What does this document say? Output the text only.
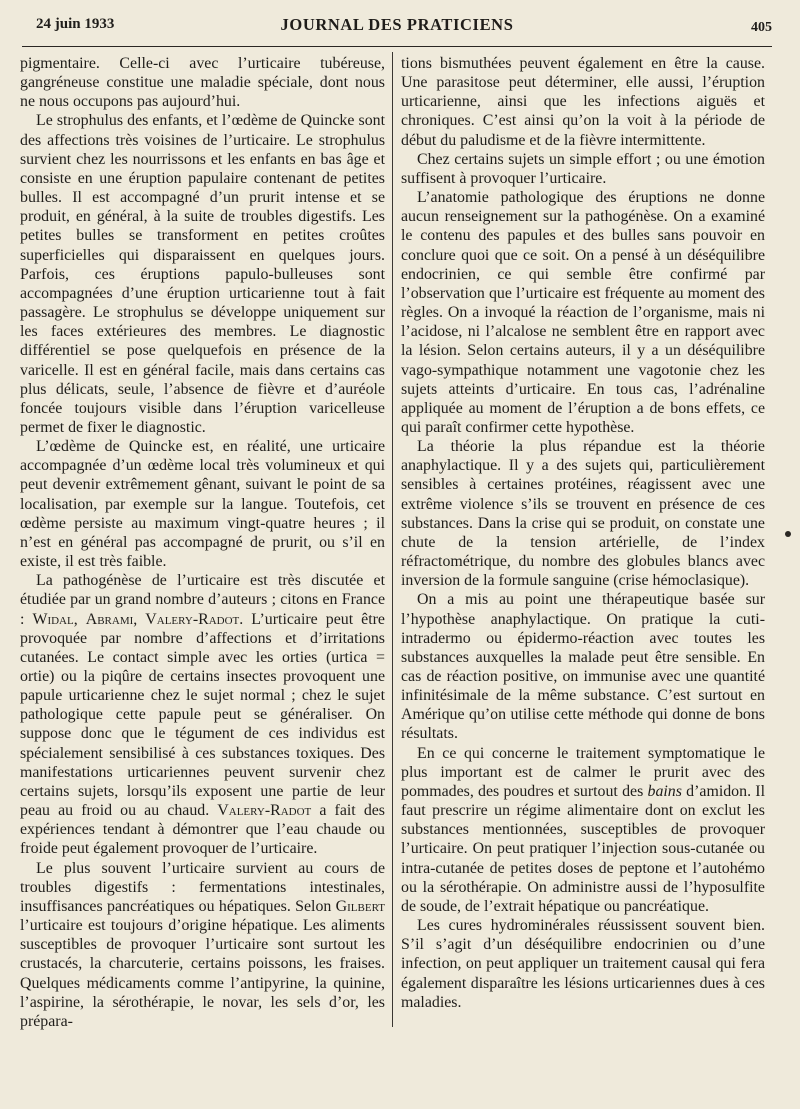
24 juin 1933	JOURNAL DES PRATICIENS	405

pigmentaire. Celle-ci avec l’urticaire tubéreuse, gangréneuse constitue une maladie spéciale, dont nous ne nous occupons pas aujourd’hui.

Le strophulus des enfants, et l’œdème de Quincke sont des affections très voisines de l’urticaire. Le strophulus survient chez les nourrissons et les enfants en bas âge et consiste en une éruption papulaire contenant de petites bulles. Il est accompagné d’un prurit intense et se produit, en général, à la suite de troubles digestifs. Les petites bulles se transforment en petites croûtes superficielles qui disparaissent en quelques jours. Parfois, ces éruptions papulo-bulleuses sont accompagnées d’une éruption urticarienne tout à fait passagère. Le strophulus se développe uniquement sur les faces extérieures des membres. Le diagnostic différentiel se pose quelquefois en présence de la varicelle. Il est en général facile, mais dans certains cas plus délicats, seule, l’absence de fièvre et d’auréole foncée toujours visible dans l’éruption varicelleuse permet de fixer le diagnostic.

L’œdème de Quincke est, en réalité, une urticaire accompagnée d’un œdème local très volumineux et qui peut devenir extrêmement gênant, suivant le point de sa localisation, par exemple sur la langue. Toutefois, cet œdème persiste au maximum vingt-quatre heures ; il n’est en général pas accompagné de prurit, ou s’il en existe, il est très faible.

La pathogénèse de l’urticaire est très discutée et étudiée par un grand nombre d’auteurs ; citons en France : Widal, Abrami, Valery-Radot. L’urticaire peut être provoquée par nombre d’affections et d’irritations cutanées. Le contact simple avec les orties (urtica = ortie) ou la piqûre de certains insectes provoquent une papule urticarienne chez le sujet normal ; chez le sujet pathologique cette papule peut se généraliser. On suppose donc que le tégument de ces individus est spécialement sensibilisé à ces substances toxiques. Des manifestations urticariennes peuvent survenir chez certains sujets, lorsqu’ils exposent une partie de leur peau au froid ou au chaud. Valery-Radot a fait des expériences tendant à démontrer que l’eau chaude ou froide peut également provoquer de l’urticaire.

Le plus souvent l’urticaire survient au cours de troubles digestifs : fermentations intestinales, insuffisances pancréatiques ou hépatiques. Selon Gilbert l’urticaire est toujours d’origine hépatique. Les aliments susceptibles de provoquer l’urticaire sont surtout les crustacés, la charcuterie, certains poissons, les fraises. Quelques médicaments comme l’antipyrine, la quinine, l’aspirine, la sérothérapie, le novar, les sels d’or, les prépara-

tions bismuthées peuvent également en être la cause. Une parasitose peut déterminer, elle aussi, l’éruption urticarienne, ainsi que les infections aiguës et chroniques. C’est ainsi qu’on la voit à la période de début du paludisme et de la fièvre intermittente.

Chez certains sujets un simple effort ; ou une émotion suffisent à provoquer l’urticaire.

L’anatomie pathologique des éruptions ne donne aucun renseignement sur la pathogénèse. On a examiné le contenu des papules et des bulles sans pouvoir en conclure quoi que ce soit. On a pensé à un déséquilibre endocrinien, ce qui semble être confirmé par l’observation que l’urticaire est fréquente au moment des règles. On a invoqué la réaction de l’organisme, mais ni l’acidose, ni l’alcalose ne semblent être en rapport avec la lésion. Selon certains auteurs, il y a un déséquilibre vago-sympathique notamment une vagotonie chez les sujets atteints d’urticaire. En tous cas, l’adrénaline appliquée au moment de l’éruption a de bons effets, ce qui paraît confirmer cette hypothèse.

La théorie la plus répandue est la théorie anaphylactique. Il y a des sujets qui, particulièrement sensibles à certaines protéines, réagissent avec une extrême violence s’ils se trouvent en présence de ces substances. Dans la crise qui se produit, on constate une chute de la tension artérielle, de l’index réfractométrique, du nombre des globules blancs avec inversion de la formule sanguine (crise hémoclasique).

On a mis au point une thérapeutique basée sur l’hypothèse anaphylactique. On pratique la cuti-intradermo ou épidermo-réaction avec toutes les substances auxquelles la malade peut être sensible. En cas de réaction positive, on immunise avec une quantité infinitésimale de la même substance. C’est surtout en Amérique qu’on utilise cette méthode qui donne de bons résultats.

En ce qui concerne le traitement symptomatique le plus important est de calmer le prurit avec des pommades, des poudres et surtout des bains d’amidon. Il faut prescrire un régime alimentaire dont on exclut les substances mentionnées, susceptibles de provoquer l’urticaire. On peut pratiquer l’injection sous-cutanée ou intra-cutanée de petites doses de peptone et l’autohémo ou la sérothérapie. On administre aussi de l’hyposulfite de soude, de l’extrait hépatique ou pancréatique.

Les cures hydrominérales réussissent souvent bien. S’il s’agit d’un déséquilibre endocrinien ou d’une infection, on peut appliquer un traitement causal qui fera également disparaître les lésions urticariennes dues à ces maladies.
